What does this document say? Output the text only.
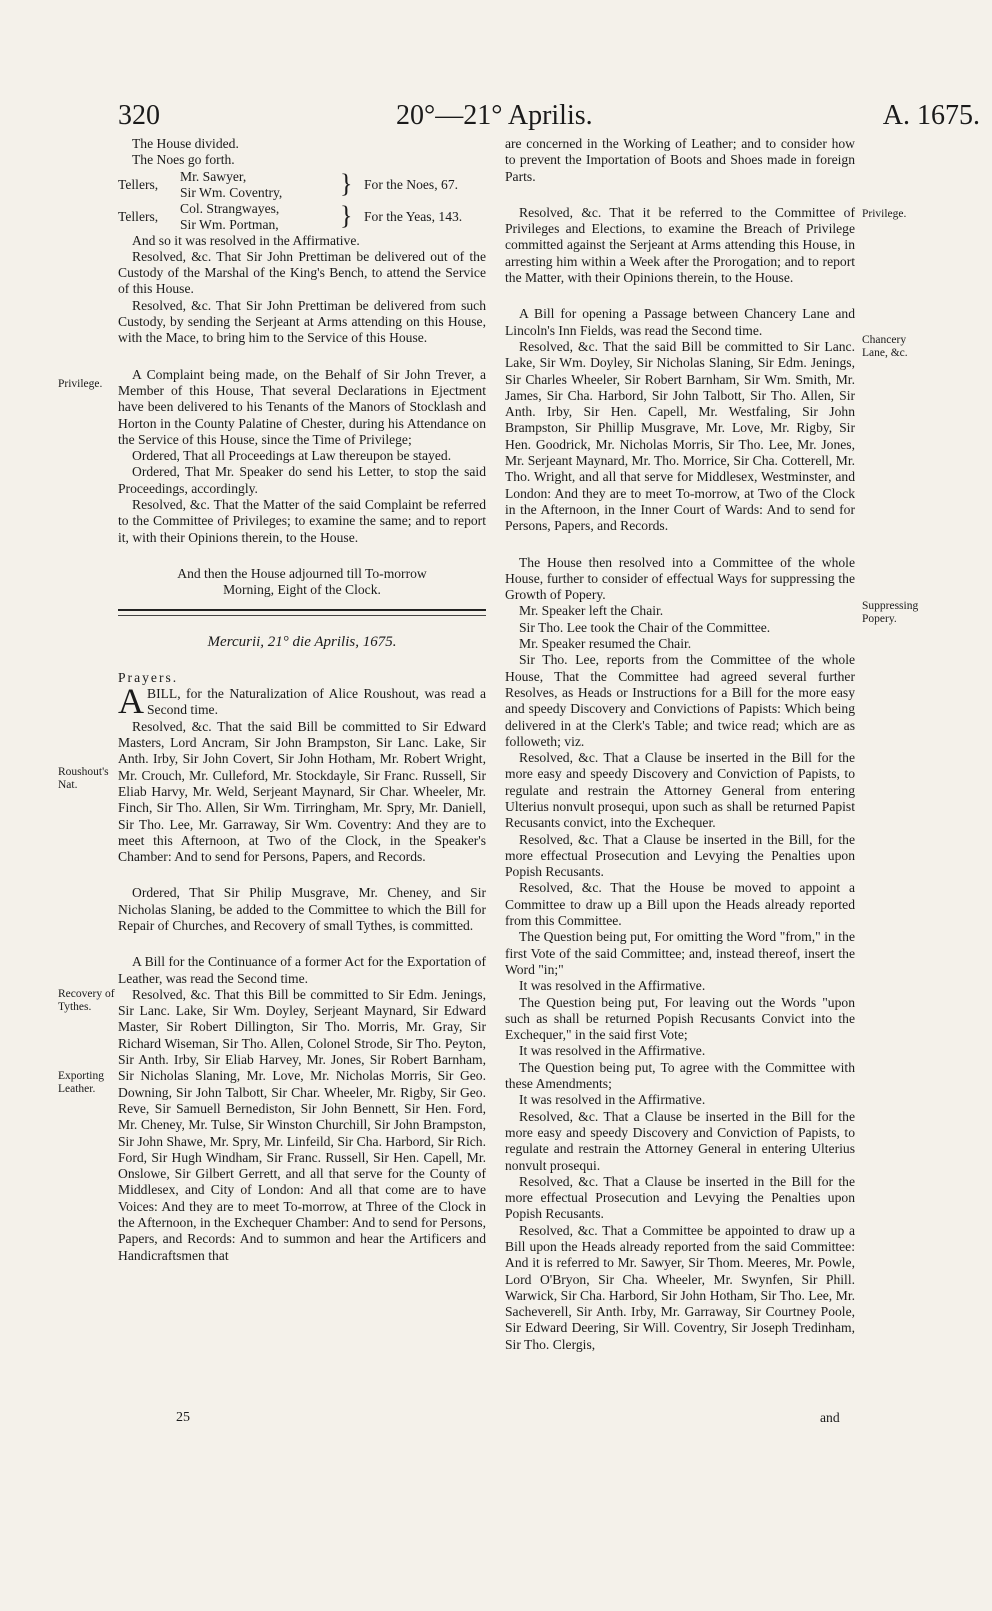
320	20°—21° Aprilis.	A. 1675.
Privilege.
Roushout's Nat.
Recovery of Tythes.
Exporting Leather.
Privilege.
Chancery Lane, &c.
Suppressing Popery.

The House divided.

The Noes go forth.

Tellers,
Mr. Sawyer,
Sir Wm. Coventry, } For the Noes, 67.
Tellers,
Col. Strangwayes,
Sir Wm. Portman, } For the Yeas, 143.

And so it was resolved in the Affirmative.

Resolved, &c. That Sir John Prettiman be delivered out of the Custody of the Marshal of the King's Bench, to attend the Service of this House.

Resolved, &c. That Sir John Prettiman be delivered from such Custody, by sending the Serjeant at Arms attending on this House, with the Mace, to bring him to the Service of this House.

A Complaint being made, on the Behalf of Sir John Trever, a Member of this House, That several Declarations in Ejectment have been delivered to his Tenants of the Manors of Stocklash and Horton in the County Palatine of Chester, during his Attendance on the Service of this House, since the Time of Privilege;

Ordered, That all Proceedings at Law thereupon be stayed.

Ordered, That Mr. Speaker do send his Letter, to stop the said Proceedings, accordingly.

Resolved, &c. That the Matter of the said Complaint be referred to the Committee of Privileges; to examine the same; and to report it, with their Opinions therein, to the House.

And then the House adjourned till To-morrow

Morning, Eight of the Clock.

Mercurii, 21° die Aprilis, 1675.

Prayers.

ABILL, for the Naturalization of Alice Roushout, was read a Second time.

Resolved, &c. That the said Bill be committed to Sir Edward Masters, Lord Ancram, Sir John Brampston, Sir Lanc. Lake, Sir Anth. Irby, Sir John Covert, Sir John Hotham, Mr. Robert Wright, Mr. Crouch, Mr. Culleford, Mr. Stockdayle, Sir Franc. Russell, Sir Eliab Harvy, Mr. Weld, Serjeant Maynard, Sir Char. Wheeler, Mr. Finch, Sir Tho. Allen, Sir Wm. Tirringham, Mr. Spry, Mr. Daniell, Sir Tho. Lee, Mr. Garraway, Sir Wm. Coventry: And they are to meet this Afternoon, at Two of the Clock, in the Speaker's Chamber: And to send for Persons, Papers, and Records.

Ordered, That Sir Philip Musgrave, Mr. Cheney, and Sir Nicholas Slaning, be added to the Committee to which the Bill for Repair of Churches, and Recovery of small Tythes, is committed.

A Bill for the Continuance of a former Act for the Exportation of Leather, was read the Second time.

Resolved, &c. That this Bill be committed to Sir Edm. Jenings, Sir Lanc. Lake, Sir Wm. Doyley, Serjeant Maynard, Sir Edward Master, Sir Robert Dillington, Sir Tho. Morris, Mr. Gray, Sir Richard Wiseman, Sir Tho. Allen, Colonel Strode, Sir Tho. Peyton, Sir Anth. Irby, Sir Eliab Harvey, Mr. Jones, Sir Robert Barnham, Sir Nicholas Slaning, Mr. Love, Mr. Nicholas Morris, Sir Geo. Downing, Sir John Talbott, Sir Char. Wheeler, Mr. Rigby, Sir Geo. Reve, Sir Samuell Bernediston, Sir John Bennett, Sir Hen. Ford, Mr. Cheney, Mr. Tulse, Sir Winston Churchill, Sir John Brampston, Sir John Shawe, Mr. Spry, Mr. Linfeild, Sir Cha. Harbord, Sir Rich. Ford, Sir Hugh Windham, Sir Franc. Russell, Sir Hen. Capell, Mr. Onslowe, Sir Gilbert Gerrett, and all that serve for the County of Middlesex, and City of London: And all that come are to have Voices: And they are to meet To-morrow, at Three of the Clock in the Afternoon, in the Exchequer Chamber: And to send for Persons, Papers, and Records: And to summon and hear the Artificers and Handicraftsmen that

are concerned in the Working of Leather; and to consider how to prevent the Importation of Boots and Shoes made in foreign Parts.

Resolved, &c. That it be referred to the Committee of Privileges and Elections, to examine the Breach of Privilege committed against the Serjeant at Arms attending this House, in arresting him within a Week after the Prorogation; and to report the Matter, with their Opinions therein, to the House.

A Bill for opening a Passage between Chancery Lane and Lincoln's Inn Fields, was read the Second time.

Resolved, &c. That the said Bill be committed to Sir Lanc. Lake, Sir Wm. Doyley, Sir Nicholas Slaning, Sir Edm. Jenings, Sir Charles Wheeler, Sir Robert Barnham, Sir Wm. Smith, Mr. James, Sir Cha. Harbord, Sir John Talbott, Sir Tho. Allen, Sir Anth. Irby, Sir Hen. Capell, Mr. Westfaling, Sir John Brampston, Sir Phillip Musgrave, Mr. Love, Mr. Rigby, Sir Hen. Goodrick, Mr. Nicholas Morris, Sir Tho. Lee, Mr. Jones, Mr. Serjeant Maynard, Mr. Tho. Morrice, Sir Cha. Cotterell, Mr. Tho. Wright, and all that serve for Middlesex, Westminster, and London: And they are to meet To-morrow, at Two of the Clock in the Afternoon, in the Inner Court of Wards: And to send for Persons, Papers, and Records.

The House then resolved into a Committee of the whole House, further to consider of effectual Ways for suppressing the Growth of Popery.

Mr. Speaker left the Chair.

Sir Tho. Lee took the Chair of the Committee.

Mr. Speaker resumed the Chair.

Sir Tho. Lee, reports from the Committee of the whole House, That the Committee had agreed several further Resolves, as Heads or Instructions for a Bill for the more easy and speedy Discovery and Convictions of Papists: Which being delivered in at the Clerk's Table; and twice read; which are as followeth; viz.

Resolved, &c. That a Clause be inserted in the Bill for the more easy and speedy Discovery and Conviction of Papists, to regulate and restrain the Attorney General from entering Ulterius nonvult prosequi, upon such as shall be returned Papist Recusants convict, into the Exchequer.

Resolved, &c. That a Clause be inserted in the Bill, for the more effectual Prosecution and Levying the Penalties upon Popish Recusants.

Resolved, &c. That the House be moved to appoint a Committee to draw up a Bill upon the Heads already reported from this Committee.

The Question being put, For omitting the Word "from," in the first Vote of the said Committee; and, instead thereof, insert the Word "in;"

It was resolved in the Affirmative.

The Question being put, For leaving out the Words "upon such as shall be returned Popish Recusants Convict into the Exchequer," in the said first Vote;

It was resolved in the Affirmative.

The Question being put, To agree with the Committee with these Amendments;

It was resolved in the Affirmative.

Resolved, &c. That a Clause be inserted in the Bill for the more easy and speedy Discovery and Conviction of Papists, to regulate and restrain the Attorney General in entering Ulterius nonvult prosequi.

Resolved, &c. That a Clause be inserted in the Bill for the more effectual Prosecution and Levying the Penalties upon Popish Recusants.

Resolved, &c. That a Committee be appointed to draw up a Bill upon the Heads already reported from the said Committee: And it is referred to Mr. Sawyer, Sir Thom. Meeres, Mr. Powle, Lord O'Bryon, Sir Cha. Wheeler, Mr. Swynfen, Sir Phill. Warwick, Sir Cha. Harbord, Sir John Hotham, Sir Tho. Lee, Mr. Sacheverell, Sir Anth. Irby, Mr. Garraway, Sir Courtney Poole, Sir Edward Deering, Sir Will. Coventry, Sir Joseph Tredinham, Sir Tho. Clergis,

25	and
